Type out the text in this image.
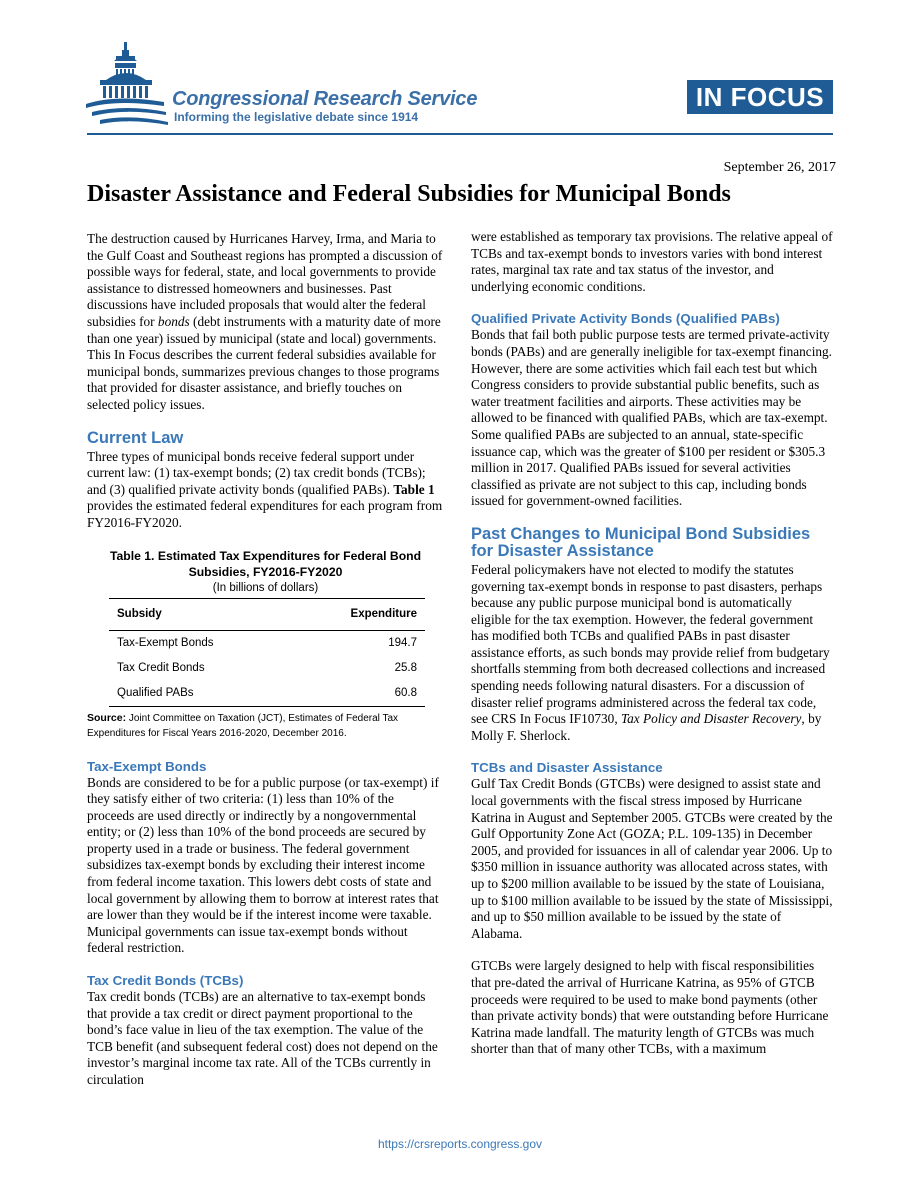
Congressional Research Service
Informing the legislative debate since 1914
IN FOCUS
September 26, 2017
Disaster Assistance and Federal Subsidies for Municipal Bonds

The destruction caused by Hurricanes Harvey, Irma, and Maria to the Gulf Coast and Southeast regions has prompted a discussion of possible ways for federal, state, and local governments to provide assistance to distressed homeowners and businesses. Past discussions have included proposals that would alter the federal subsidies for bonds (debt instruments with a maturity date of more than one year) issued by municipal (state and local) governments. This In Focus describes the current federal subsidies available for municipal bonds, summarizes previous changes to those programs that provided for disaster assistance, and briefly touches on selected policy issues.

Current Law

Three types of municipal bonds receive federal support under current law: (1) tax-exempt bonds; (2) tax credit bonds (TCBs); and (3) qualified private activity bonds (qualified PABs). Table 1 provides the estimated federal expenditures for each program from FY2016-FY2020.

Table 1. Estimated Tax Expenditures for Federal Bond Subsidies, FY2016-FY2020
(In billions of dollars)
Subsidy	Expenditure
Tax-Exempt Bonds	194.7
Tax Credit Bonds	25.8
Qualified PABs	60.8
Source: Joint Committee on Taxation (JCT), Estimates of Federal Tax Expenditures for Fiscal Years 2016-2020, December 2016.
Tax-Exempt Bonds

Bonds are considered to be for a public purpose (or tax-exempt) if they satisfy either of two criteria: (1) less than 10% of the proceeds are used directly or indirectly by a nongovernmental entity; or (2) less than 10% of the bond proceeds are secured by property used in a trade or business. The federal government subsidizes tax-exempt bonds by excluding their interest income from federal income taxation. This lowers debt costs of state and local government by allowing them to borrow at interest rates that are lower than they would be if the interest income were taxable. Municipal governments can issue tax-exempt bonds without federal restriction.

Tax Credit Bonds (TCBs)

Tax credit bonds (TCBs) are an alternative to tax-exempt bonds that provide a tax credit or direct payment proportional to the bond’s face value in lieu of the tax exemption. The value of the TCB benefit (and subsequent federal cost) does not depend on the investor’s marginal income tax rate. All of the TCBs currently in circulation

were established as temporary tax provisions. The relative appeal of TCBs and tax-exempt bonds to investors varies with bond interest rates, marginal tax rate and tax status of the investor, and underlying economic conditions.

Qualified Private Activity Bonds (Qualified PABs)

Bonds that fail both public purpose tests are termed private-activity bonds (PABs) and are generally ineligible for tax-exempt financing. However, there are some activities which fail each test but which Congress considers to provide substantial public benefits, such as water treatment facilities and airports. These activities may be allowed to be financed with qualified PABs, which are tax-exempt. Some qualified PABs are subjected to an annual, state-specific issuance cap, which was the greater of $100 per resident or $305.3 million in 2017. Qualified PABs issued for several activities classified as private are not subject to this cap, including bonds issued for government-owned facilities.

Past Changes to Municipal Bond Subsidies for Disaster Assistance

Federal policymakers have not elected to modify the statutes governing tax-exempt bonds in response to past disasters, perhaps because any public purpose municipal bond is automatically eligible for the tax exemption. However, the federal government has modified both TCBs and qualified PABs in past disaster assistance efforts, as such bonds may provide relief from budgetary shortfalls stemming from both decreased collections and increased spending needs following natural disasters. For a discussion of disaster relief programs administered across the federal tax code, see CRS In Focus IF10730, Tax Policy and Disaster Recovery, by Molly F. Sherlock.

TCBs and Disaster Assistance

Gulf Tax Credit Bonds (GTCBs) were designed to assist state and local governments with the fiscal stress imposed by Hurricane Katrina in August and September 2005. GTCBs were created by the Gulf Opportunity Zone Act (GOZA; P.L. 109-135) in December 2005, and provided for issuances in all of calendar year 2006. Up to $350 million in issuance authority was allocated across states, with up to $200 million available to be issued by the state of Louisiana, up to $100 million available to be issued by the state of Mississippi, and up to $50 million available to be issued by the state of Alabama.

GTCBs were largely designed to help with fiscal responsibilities that pre-dated the arrival of Hurricane Katrina, as 95% of GTCB proceeds were required to be used to make bond payments (other than private activity bonds) that were outstanding before Hurricane Katrina made landfall. The maturity length of GTCBs was much shorter than that of many other TCBs, with a maximum

https://crsreports.congress.gov
